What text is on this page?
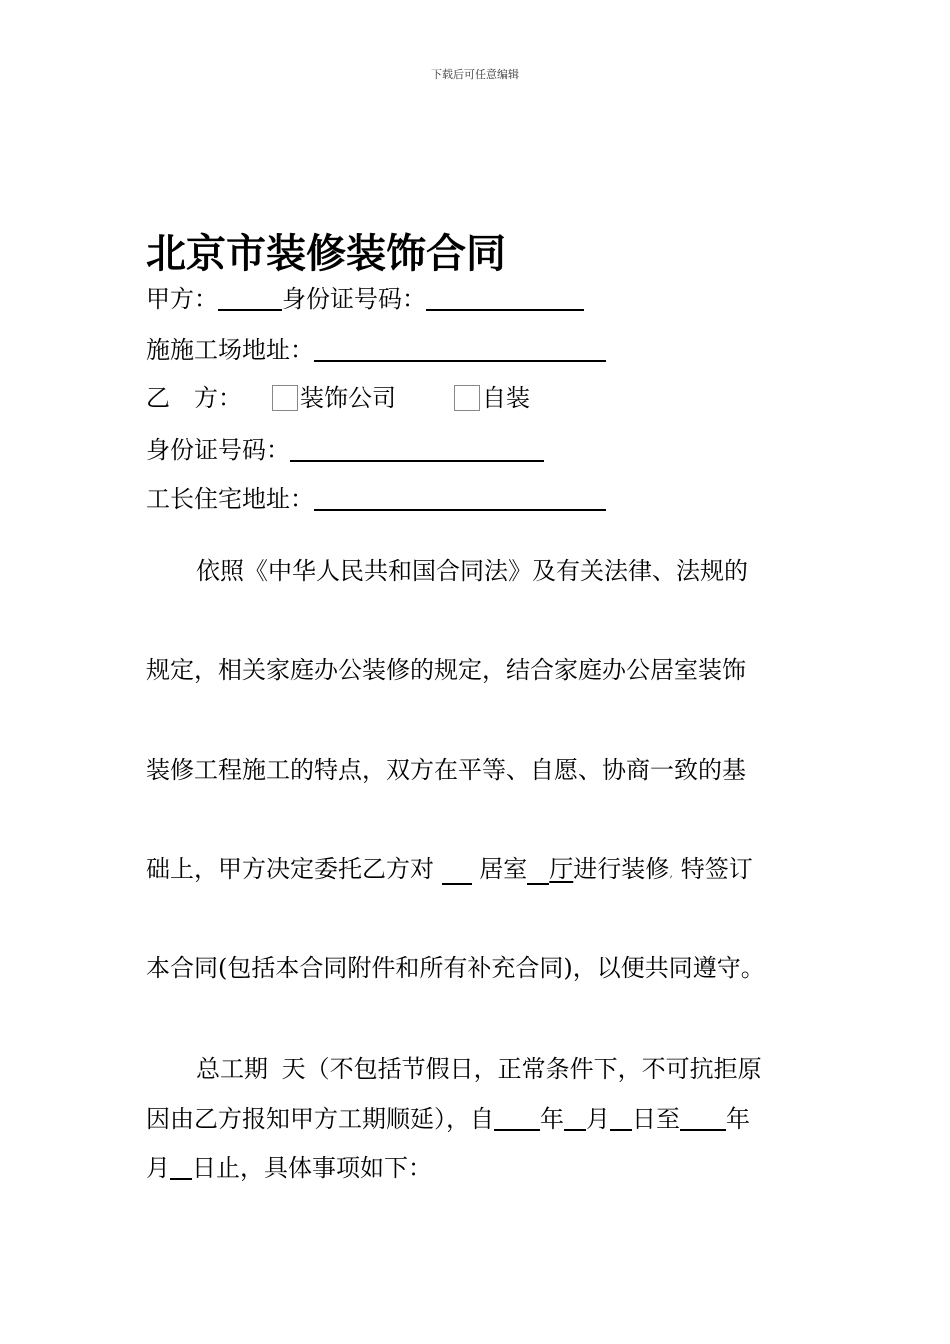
下载后可任意编辑
北京市装修装饰合同
甲方：	身份证号码：
施施工场地址：
乙　方： 装饰公司	自装
身份证号码：
工长住宅地址：
依照《中华人民共和国合同法》及有关法律、法规的
规定，相关家庭办公装修的规定，结合家庭办公居室装饰
装修工程施工的特点，双方在平等、自愿、协商一致的基
础上，甲方决定委托乙方对 居室 厅进行装修, 特签订
本合同(包括本合同附件和所有补充合同)，以便共同遵守。
总工期 天（不包括节假日，正常条件下，不可抗拒原
因由乙方报知甲方工期顺延），自 年 月 日至 年
月 日止，具体事项如下：
